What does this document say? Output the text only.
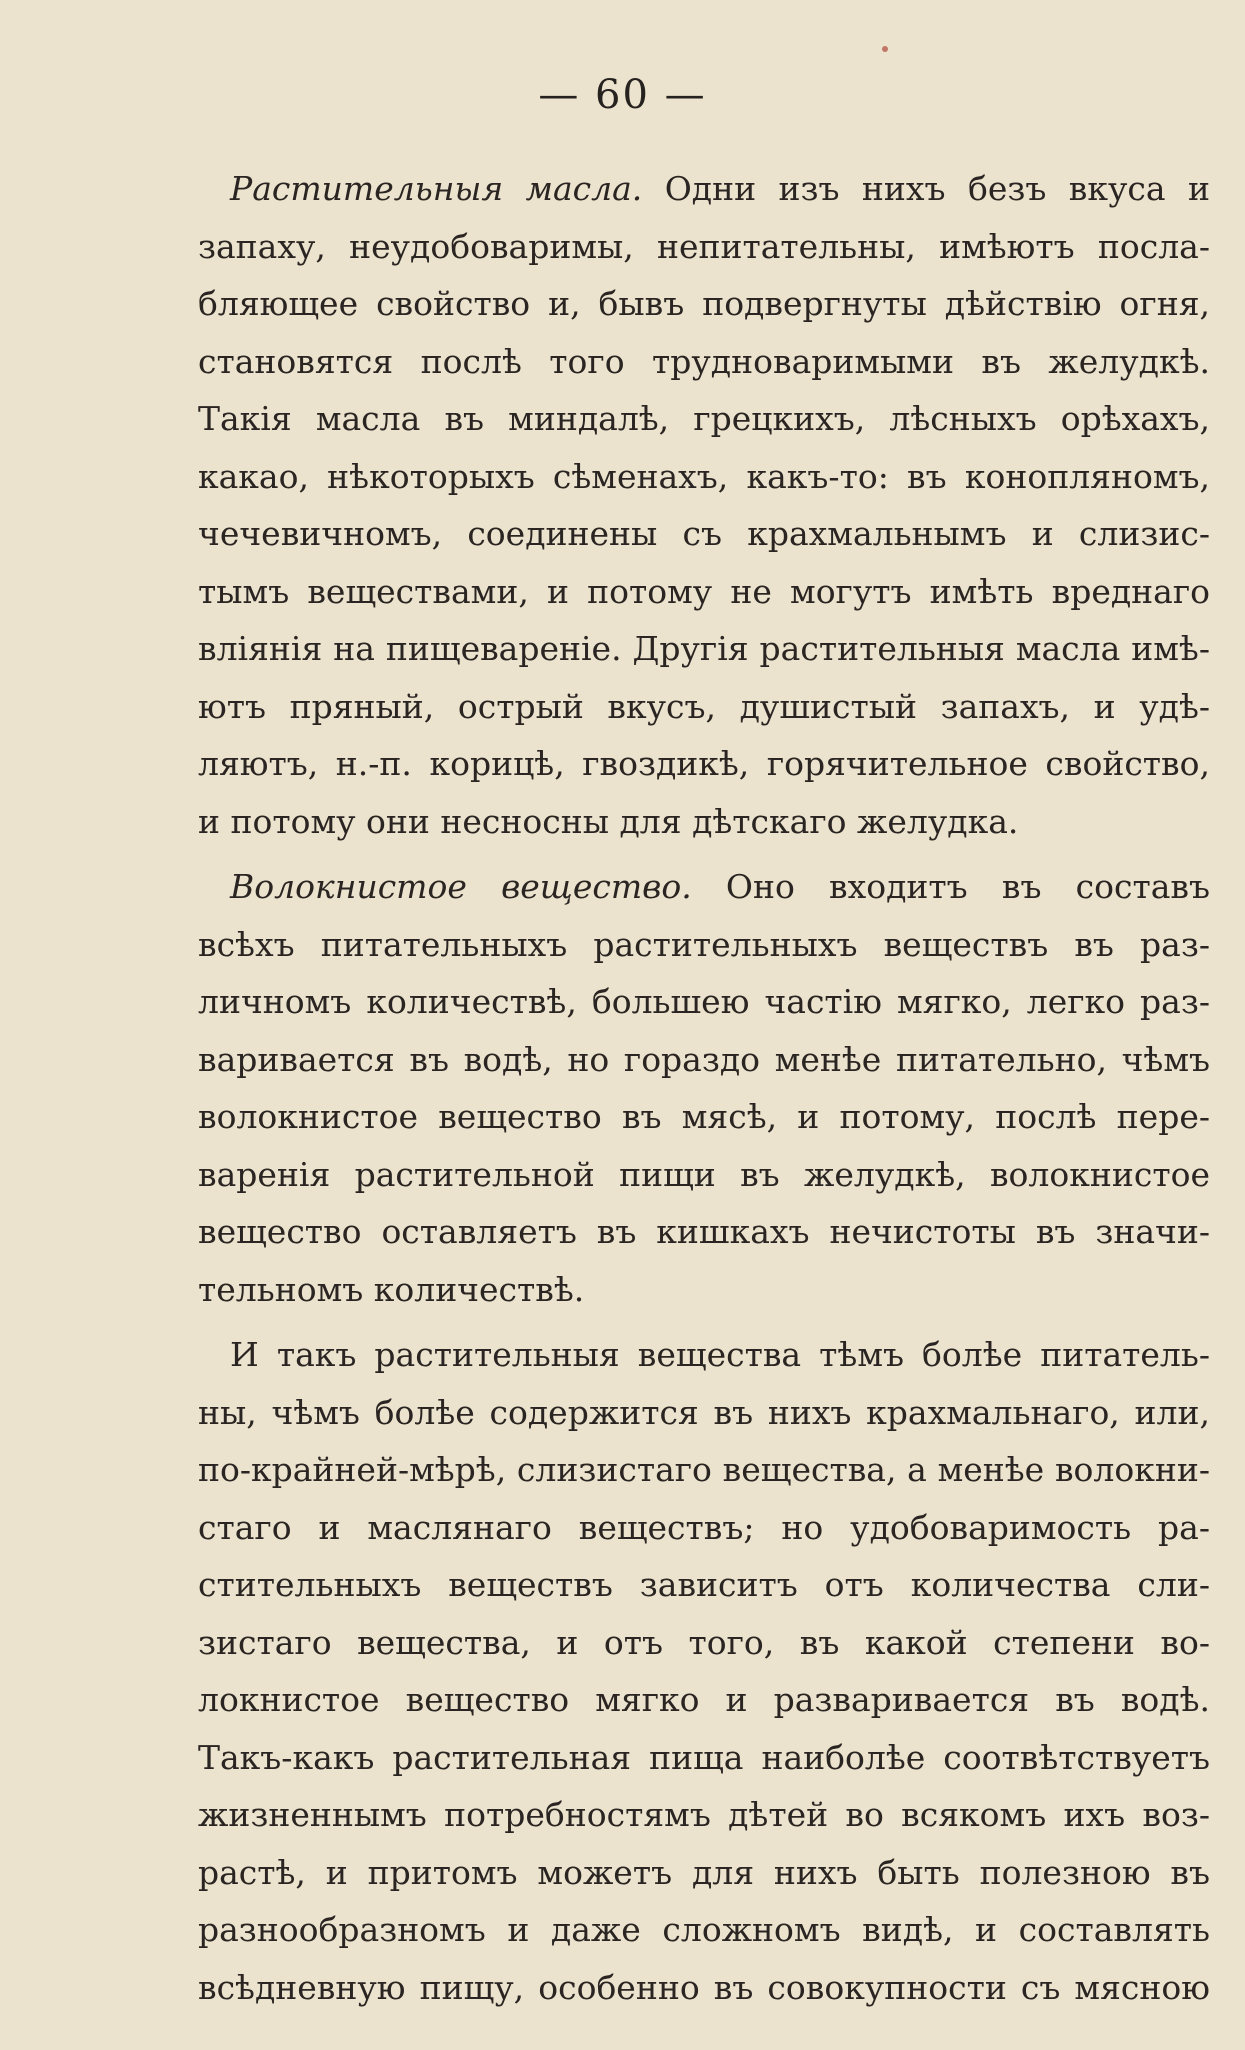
— 60 —
Растительныя масла. Одни изъ нихъ безъ вкуса и
запаху, неудобоваримы, непитательны, имѣютъ посла-
бляющее свойство и, бывъ подвергнуты дѣйствiю огня,
становятся послѣ того трудноваримыми въ желудкѣ.
Такiя масла въ миндалѣ, грецкихъ, лѣсныхъ орѣхахъ,
какао, нѣкоторыхъ сѣменахъ, какъ-то: въ конопляномъ,
чечевичномъ, соединены съ крахмальнымъ и слизис-
тымъ веществами, и потому не могутъ имѣть вреднаго
влiянiя на пищеваренiе. Другiя растительныя масла имѣ-
ютъ пряный, острый вкусъ, душистый запахъ, и удѣ-
ляютъ, н.-п. корицѣ, гвоздикѣ, горячительное свойство,
и потому они несносны для дѣтскаго желудка.
Волокнистое вещество. Оно входитъ въ составъ
всѣхъ питательныхъ растительныхъ веществъ въ раз-
личномъ количествѣ, большею частiю мягко, легко раз-
варивается въ водѣ, но гораздо менѣе питательно, чѣмъ
волокнистое вещество въ мясѣ, и потому, послѣ пере-
варенiя растительной пищи въ желудкѣ, волокнистое
вещество оставляетъ въ кишкахъ нечистоты въ значи-
тельномъ количествѣ.
И такъ растительныя вещества тѣмъ болѣе питатель-
ны, чѣмъ болѣе содержится въ нихъ крахмальнаго, или,
по-крайней-мѣрѣ, слизистаго вещества, а менѣе волокни-
стаго и маслянаго веществъ; но удобоваримость ра-
стительныхъ веществъ зависитъ отъ количества сли-
зистаго вещества, и отъ того, въ какой степени во-
локнистое вещество мягко и разваривается въ водѣ.
Такъ-какъ растительная пища наиболѣе соотвѣтствуетъ
жизненнымъ потребностямъ дѣтей во всякомъ ихъ воз-
растѣ, и притомъ можетъ для нихъ быть полезною въ
разнообразномъ и даже сложномъ видѣ, и составлять
всѣдневную пищу, особенно въ совокупности съ мясною
